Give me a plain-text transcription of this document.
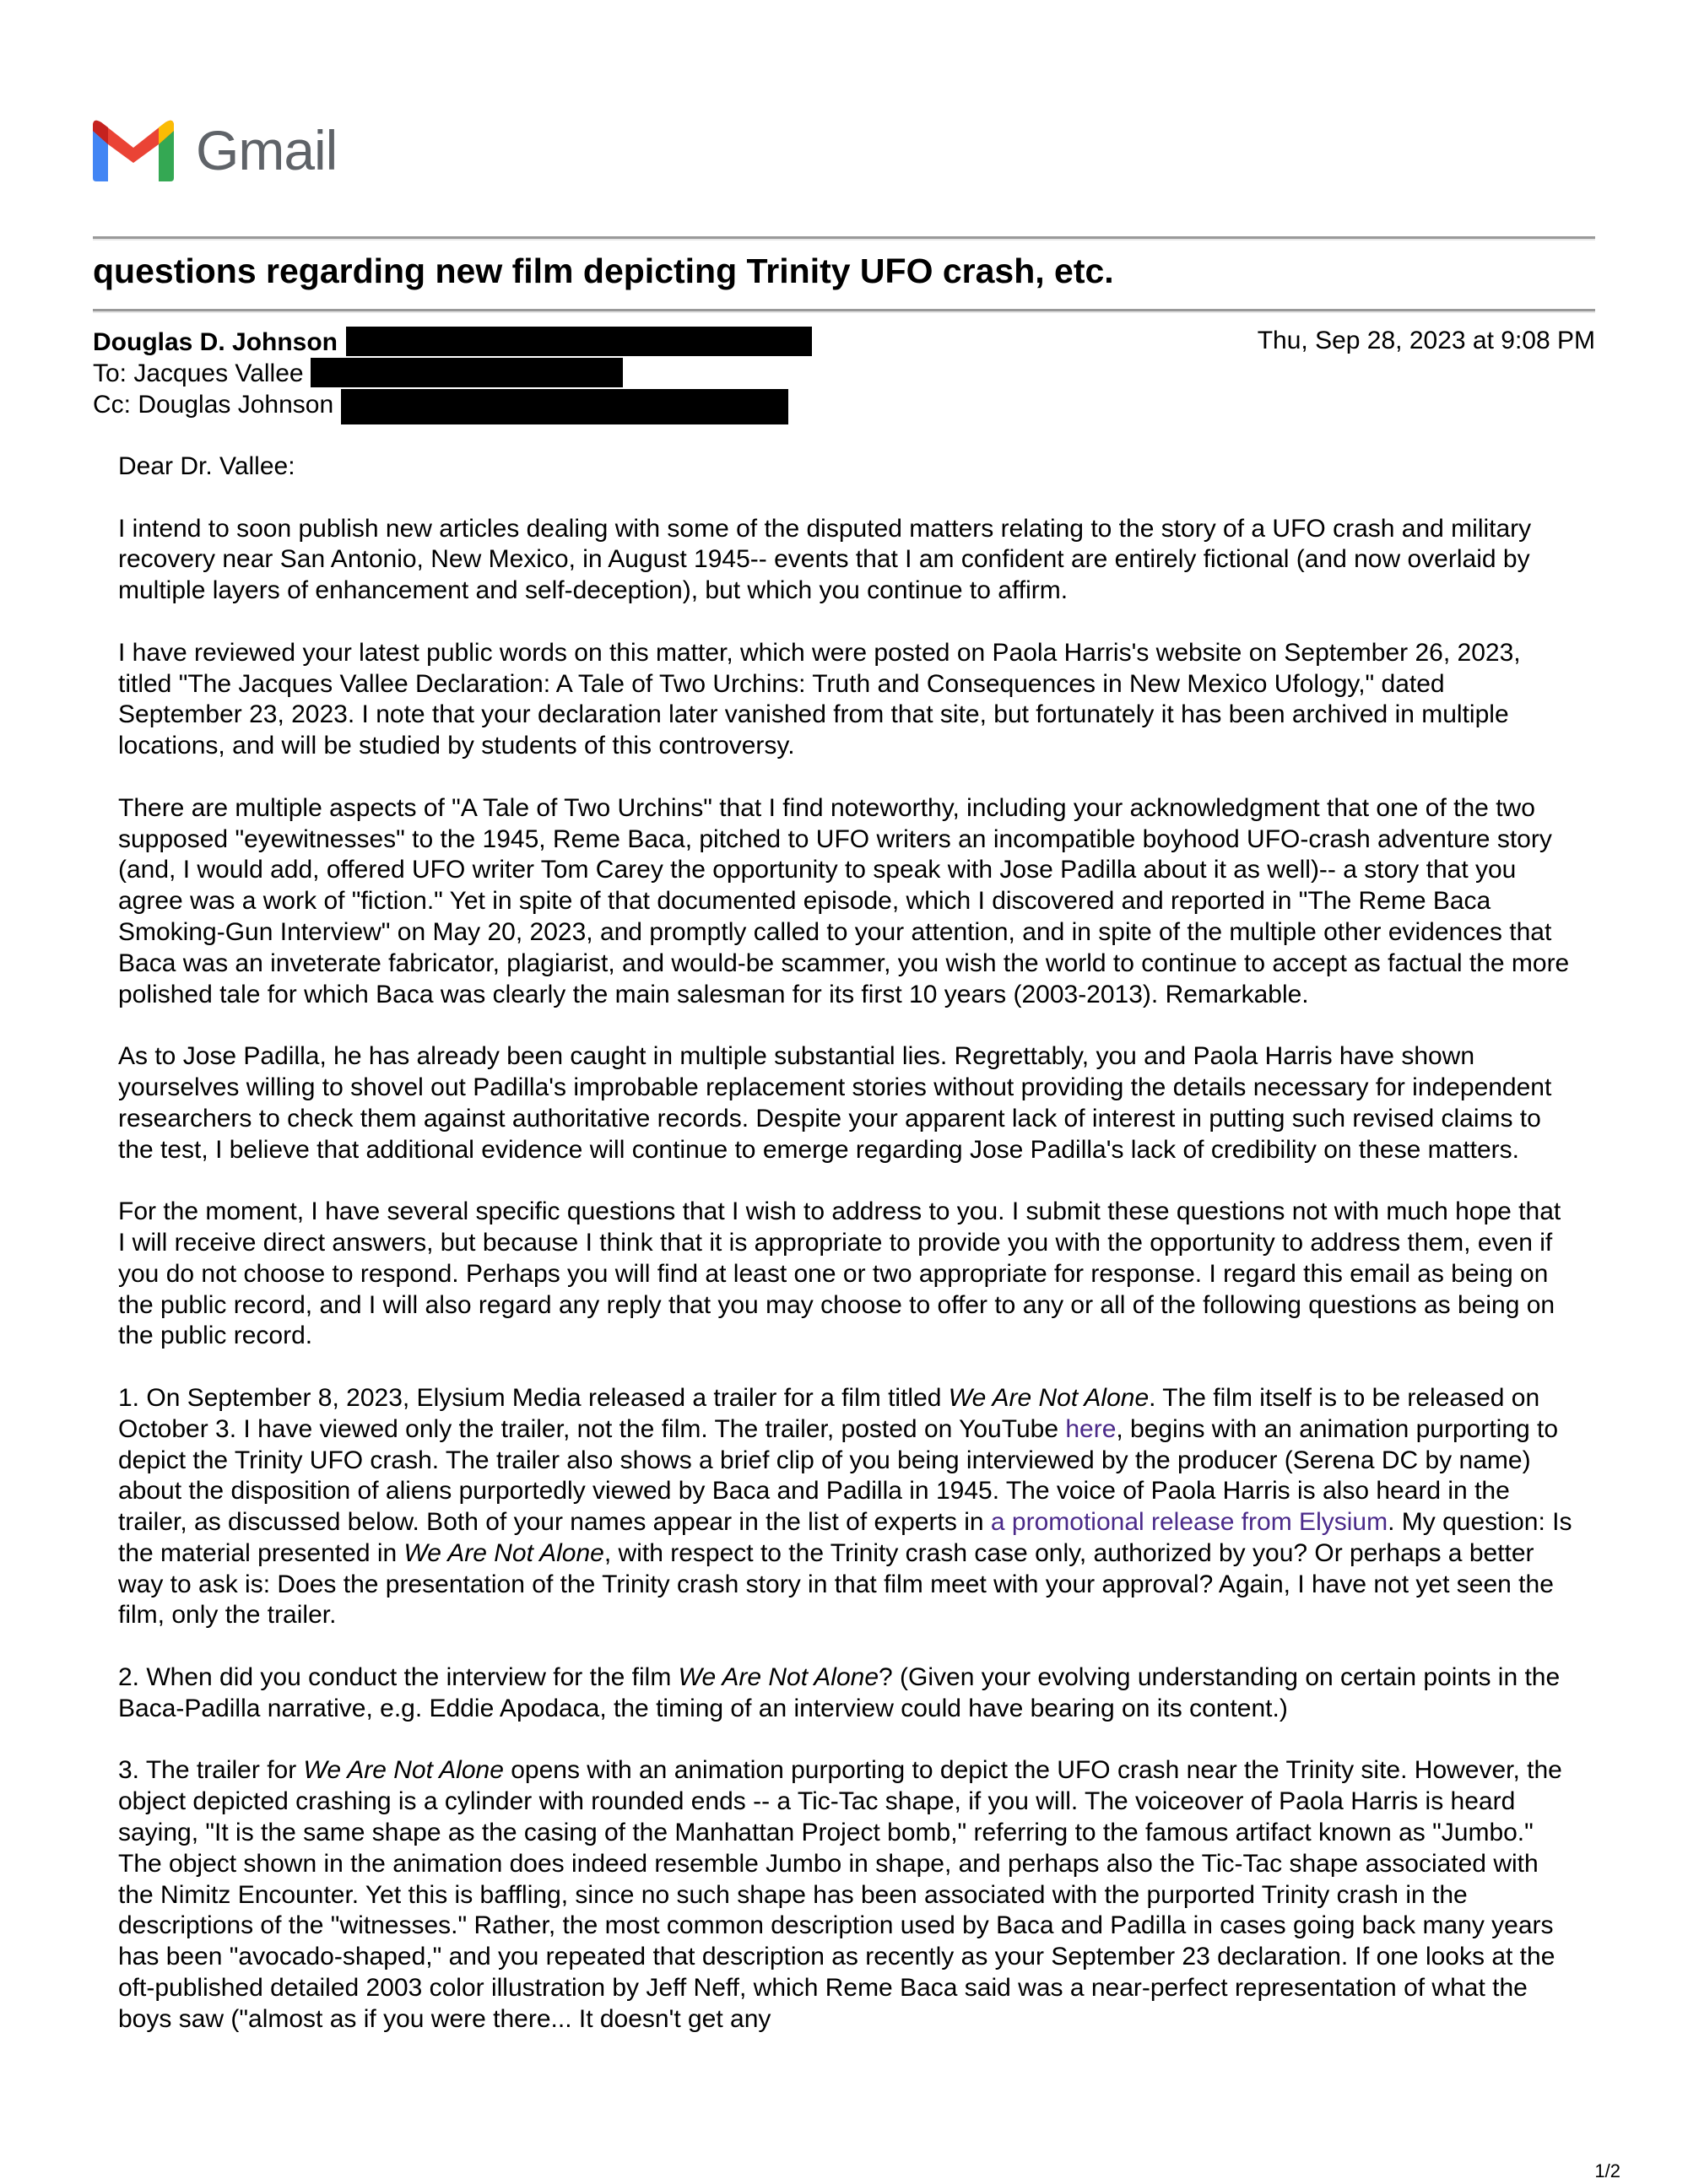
Gmail
questions regarding new film depicting Trinity UFO crash, etc.
Douglas D. Johnson
To: Jacques Vallee
Cc: Douglas Johnson
Thu, Sep 28, 2023 at 9:08 PM

Dear Dr. Vallee:

I intend to soon publish new articles dealing with some of the disputed matters relating to the story of a UFO crash and military recovery near San Antonio, New Mexico, in August 1945-- events that I am confident are entirely fictional (and now overlaid by multiple layers of enhancement and self-deception), but which you continue to affirm.

I have reviewed your latest public words on this matter, which were posted on Paola Harris's website on September 26, 2023, titled "The Jacques Vallee Declaration: A Tale of Two Urchins: Truth and Consequences in New Mexico Ufology," dated September 23, 2023. I note that your declaration later vanished from that site, but fortunately it has been archived in multiple locations, and will be studied by students of this controversy.

There are multiple aspects of "A Tale of Two Urchins" that I find noteworthy, including your acknowledgment that one of the two supposed "eyewitnesses" to the 1945, Reme Baca, pitched to UFO writers an incompatible boyhood UFO-crash adventure story (and, I would add, offered UFO writer Tom Carey the opportunity to speak with Jose Padilla about it as well)-- a story that you agree was a work of "fiction." Yet in spite of that documented episode, which I discovered and reported in "The Reme Baca Smoking-Gun Interview" on May 20, 2023, and promptly called to your attention, and in spite of the multiple other evidences that Baca was an inveterate fabricator, plagiarist, and would-be scammer, you wish the world to continue to accept as factual the more polished tale for which Baca was clearly the main salesman for its first 10 years (2003-2013). Remarkable.

As to Jose Padilla, he has already been caught in multiple substantial lies. Regrettably, you and Paola Harris have shown yourselves willing to shovel out Padilla's improbable replacement stories without providing the details necessary for independent researchers to check them against authoritative records. Despite your apparent lack of interest in putting such revised claims to the test, I believe that additional evidence will continue to emerge regarding Jose Padilla's lack of credibility on these matters.

For the moment, I have several specific questions that I wish to address to you. I submit these questions not with much hope that I will receive direct answers, but because I think that it is appropriate to provide you with the opportunity to address them, even if you do not choose to respond. Perhaps you will find at least one or two appropriate for response. I regard this email as being on the public record, and I will also regard any reply that you may choose to offer to any or all of the following questions as being on the public record.

1. On September 8, 2023, Elysium Media released a trailer for a film titled We Are Not Alone. The film itself is to be released on October 3. I have viewed only the trailer, not the film. The trailer, posted on YouTube here, begins with an animation purporting to depict the Trinity UFO crash. The trailer also shows a brief clip of you being interviewed by the producer (Serena DC by name) about the disposition of aliens purportedly viewed by Baca and Padilla in 1945. The voice of Paola Harris is also heard in the trailer, as discussed below. Both of your names appear in the list of experts in a promotional release from Elysium. My question: Is the material presented in We Are Not Alone, with respect to the Trinity crash case only, authorized by you? Or perhaps a better way to ask is: Does the presentation of the Trinity crash story in that film meet with your approval? Again, I have not yet seen the film, only the trailer.

2. When did you conduct the interview for the film We Are Not Alone? (Given your evolving understanding on certain points in the Baca-Padilla narrative, e.g. Eddie Apodaca, the timing of an interview could have bearing on its content.)

3. The trailer for We Are Not Alone opens with an animation purporting to depict the UFO crash near the Trinity site. However, the object depicted crashing is a cylinder with rounded ends -- a Tic-Tac shape, if you will. The voiceover of Paola Harris is heard saying, "It is the same shape as the casing of the Manhattan Project bomb," referring to the famous artifact known as "Jumbo." The object shown in the animation does indeed resemble Jumbo in shape, and perhaps also the Tic-Tac shape associated with the Nimitz Encounter. Yet this is baffling, since no such shape has been associated with the purported Trinity crash in the descriptions of the "witnesses." Rather, the most common description used by Baca and Padilla in cases going back many years has been "avocado-shaped," and you repeated that description as recently as your September 23 declaration. If one looks at the oft-published detailed 2003 color illustration by Jeff Neff, which Reme Baca said was a near-perfect representation of what the boys saw ("almost as if you were there... It doesn't get any

1/2
